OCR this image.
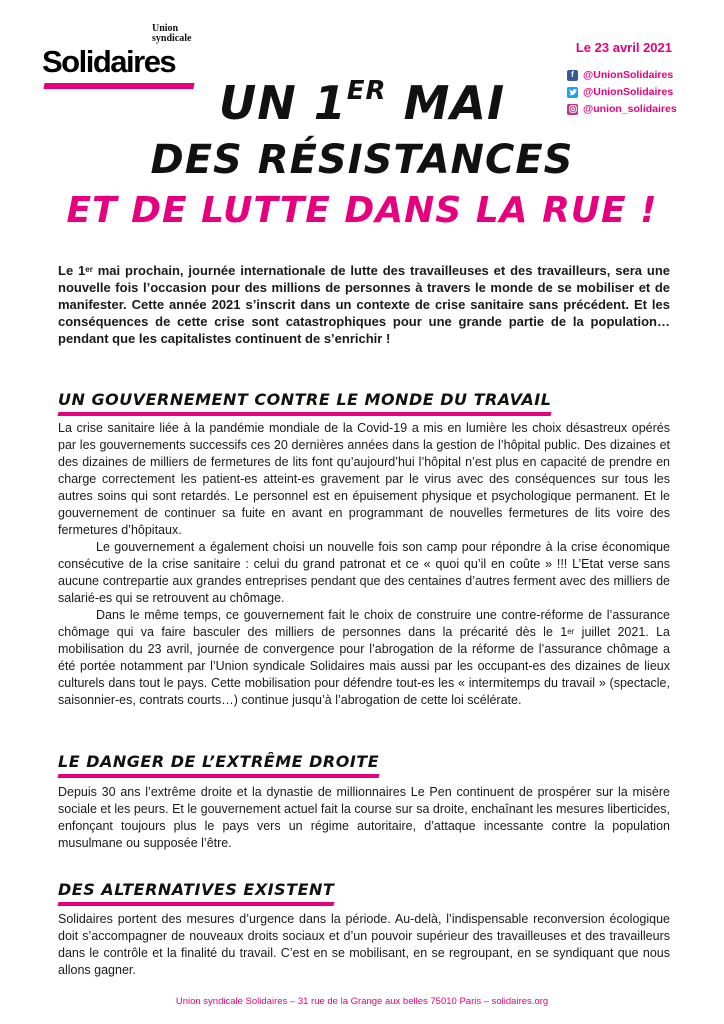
Union
syndicale
Solidaires	Le 23 avril 2021
f @UnionSolidaires
@UnionSolidaires
@union_solidaires
UN 1ER MAI
DES RÉSISTANCES
ET DE LUTTE DANS LA RUE !
Le 1er mai prochain, journée internationale de lutte des travailleuses et des travailleurs, sera une nouvelle fois l’occasion pour des millions de personnes à travers le monde de se mobiliser et de manifester. Cette année 2021 s’inscrit dans un contexte de crise sanitaire sans précédent. Et les conséquences de cette crise sont catastrophiques pour une grande partie de la population… pendant que les capitalistes continuent de s’enrichir !
UN GOUVERNEMENT CONTRE LE MONDE DU TRAVAIL

La crise sanitaire liée à la pandémie mondiale de la Covid-19 a mis en lumière les choix désastreux opérés par les gouvernements successifs ces 20 dernières années dans la gestion de l’hôpital public. Des dizaines et des dizaines de milliers de fermetures de lits font qu’aujourd’hui l’hôpital n’est plus en capacité de prendre en charge correctement les patient-es atteint-es gravement par le virus avec des conséquences sur tous les autres soins qui sont retardés. Le personnel est en épuisement physique et psychologique permanent. Et le gouvernement de continuer sa fuite en avant en programmant de nouvelles fermetures de lits voire des fermetures d’hôpitaux.

Le gouvernement a également choisi un nouvelle fois son camp pour répondre à la crise économique consécutive de la crise sanitaire : celui du grand patronat et ce « quoi qu’il en coûte » !!! L’Etat verse sans aucune contrepartie aux grandes entreprises pendant que des centaines d’autres ferment avec des milliers de salarié-es qui se retrouvent au chômage.

Dans le même temps, ce gouvernement fait le choix de construire une contre-réforme de l’assurance chômage qui va faire basculer des milliers de personnes dans la précarité dès le 1er juillet 2021. La mobilisation du 23 avril, journée de convergence pour l’abrogation de la réforme de l’assurance chômage a été portée notamment par l’Union syndicale Solidaires mais aussi par les occupant-es des dizaines de lieux culturels dans tout le pays. Cette mobilisation pour défendre tout-es les « intermitemps du travail » (spectacle, saisonnier-es, contrats courts…) continue jusqu’à l’abrogation de cette loi scélérate.

LE DANGER DE L’EXTRÊME DROITE

Depuis 30 ans l’extrême droite et la dynastie de millionnaires Le Pen continuent de prospérer sur la misère sociale et les peurs. Et le gouvernement actuel fait la course sur sa droite, enchaînant les mesures liberticides, enfonçant toujours plus le pays vers un régime autoritaire, d’attaque incessante contre la population musulmane ou supposée l’être.

DES ALTERNATIVES EXISTENT

Solidaires portent des mesures d’urgence dans la période. Au-delà, l’indispensable reconversion écologique doit s’accompagner de nouveaux droits sociaux et d’un pouvoir supérieur des travailleuses et des travailleurs dans le contrôle et la finalité du travail. C’est en se mobilisant, en se regroupant, en se syndiquant que nous allons gagner.

Union syndicale Solidaires – 31 rue de la Grange aux belles 75010 Paris – solidaires.org
